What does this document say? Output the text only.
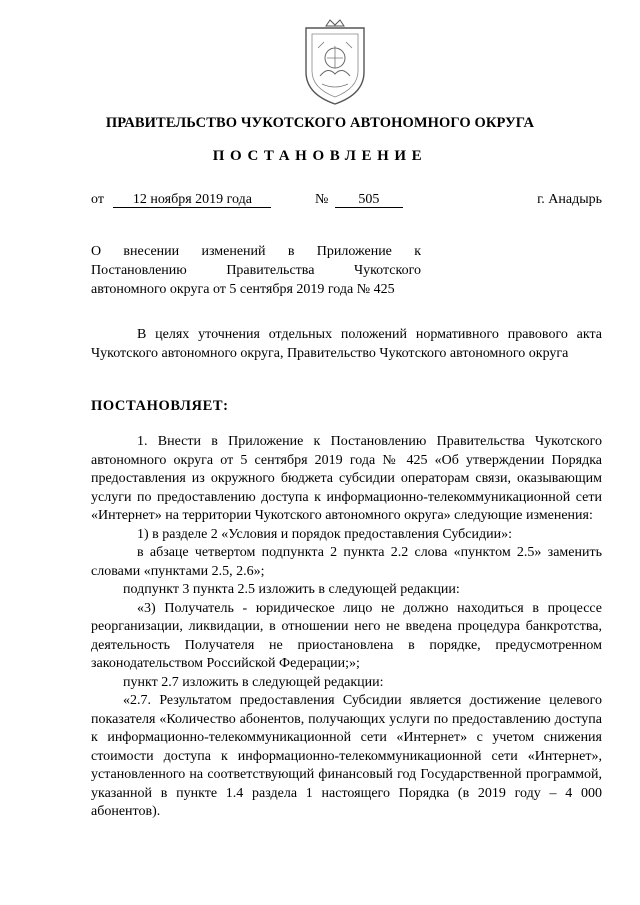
ПРАВИТЕЛЬСТВО ЧУКОТСКОГО АВТОНОМНОГО ОКРУГА
ПОСТАНОВЛЕНИЕ
от 12 ноября 2019 года	№ 505	г. Анадырь
О внесении изменений в Приложение к Постановлению Правительства Чукотского автономного округа от 5 сентября 2019 года № 425

В целях уточнения отдельных положений нормативного правового акта Чукотского автономного округа, Правительство Чукотского автономного округа

ПОСТАНОВЛЯЕТ:

1. Внести в Приложение к Постановлению Правительства Чукотского автономного округа от 5 сентября 2019 года № 425 «Об утверждении Порядка предоставления из окружного бюджета субсидии операторам связи, оказывающим услуги по предоставлению доступа к информационно-телекоммуникационной сети «Интернет» на территории Чукотского автономного округа» следующие изменения:

1) в разделе 2 «Условия и порядок предоставления Субсидии»:

в абзаце четвертом подпункта 2 пункта 2.2 слова «пунктом 2.5» заменить словами «пунктами 2.5, 2.6»;

подпункт 3 пункта 2.5 изложить в следующей редакции:

«3) Получатель - юридическое лицо не должно находиться в процессе реорганизации, ликвидации, в отношении него не введена процедура банкротства, деятельность Получателя не приостановлена в порядке, предусмотренном законодательством Российской Федерации;»;

пункт 2.7 изложить в следующей редакции:

«2.7. Результатом предоставления Субсидии является достижение целевого показателя «Количество абонентов, получающих услуги по предоставлению доступа к информационно-телекоммуникационной сети «Интернет» с учетом снижения стоимости доступа к информационно-телекоммуникационной сети «Интернет», установленного на соответствующий финансовый год Государственной программой, указанной в пункте 1.4 раздела 1 настоящего Порядка (в 2019 году – 4 000 абонентов).
